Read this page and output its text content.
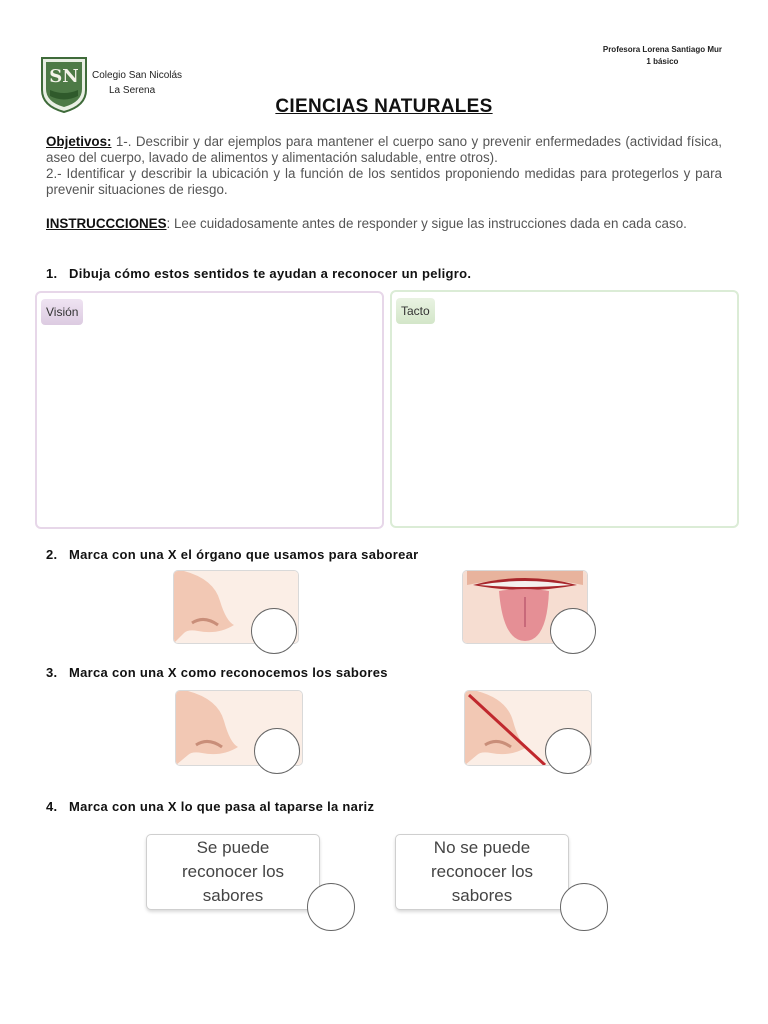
Profesora Lorena Santiago Mur
1 básico
SN Colegio San Nicolás
La Serena
CIENCIAS NATURALES
Objetivos: 1-. Describir y dar ejemplos para mantener el cuerpo sano y prevenir enfermedades (actividad física, aseo del cuerpo, lavado de alimentos y alimentación saludable, entre otros).
2.- Identificar y describir la ubicación y la función de los sentidos proponiendo medidas para protegerlos y para prevenir situaciones de riesgo.
INSTRUCCCIONES: Lee cuidadosamente antes de responder y sigue las instrucciones dada en cada caso.
1. Dibuja cómo estos sentidos te ayudan a reconocer un peligro.
Visión	Tacto
2. Marca con una X el órgano que usamos para saborear
3. Marca con una X como reconocemos los sabores
4. Marca con una X lo que pasa al taparse la nariz
Se puede
reconocer los
sabores
No se puede
reconocer los
sabores
